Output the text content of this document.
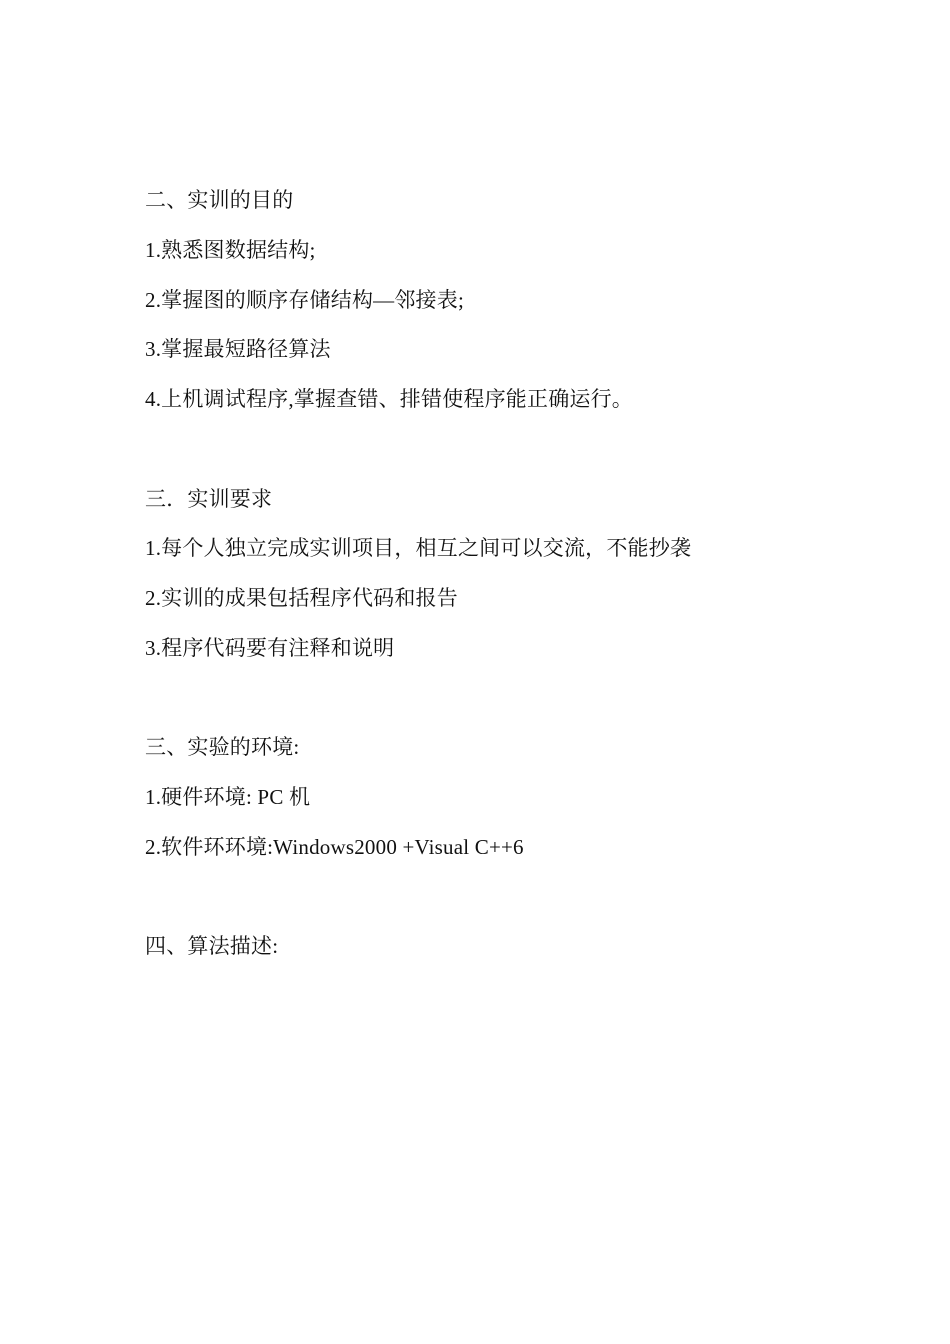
二、实训的目的
1.熟悉图数据结构;
2.掌握图的顺序存储结构—邻接表;
3.掌握最短路径算法
4.上机调试程序,掌握查错、排错使程序能正确运行。
三．实训要求
1.每个人独立完成实训项目，相互之间可以交流，不能抄袭
2.实训的成果包括程序代码和报告
3.程序代码要有注释和说明
三、实验的环境:
1.硬件环境: PC 机
2.软件环环境:Windows2000 +Visual C++6
四、算法描述:
